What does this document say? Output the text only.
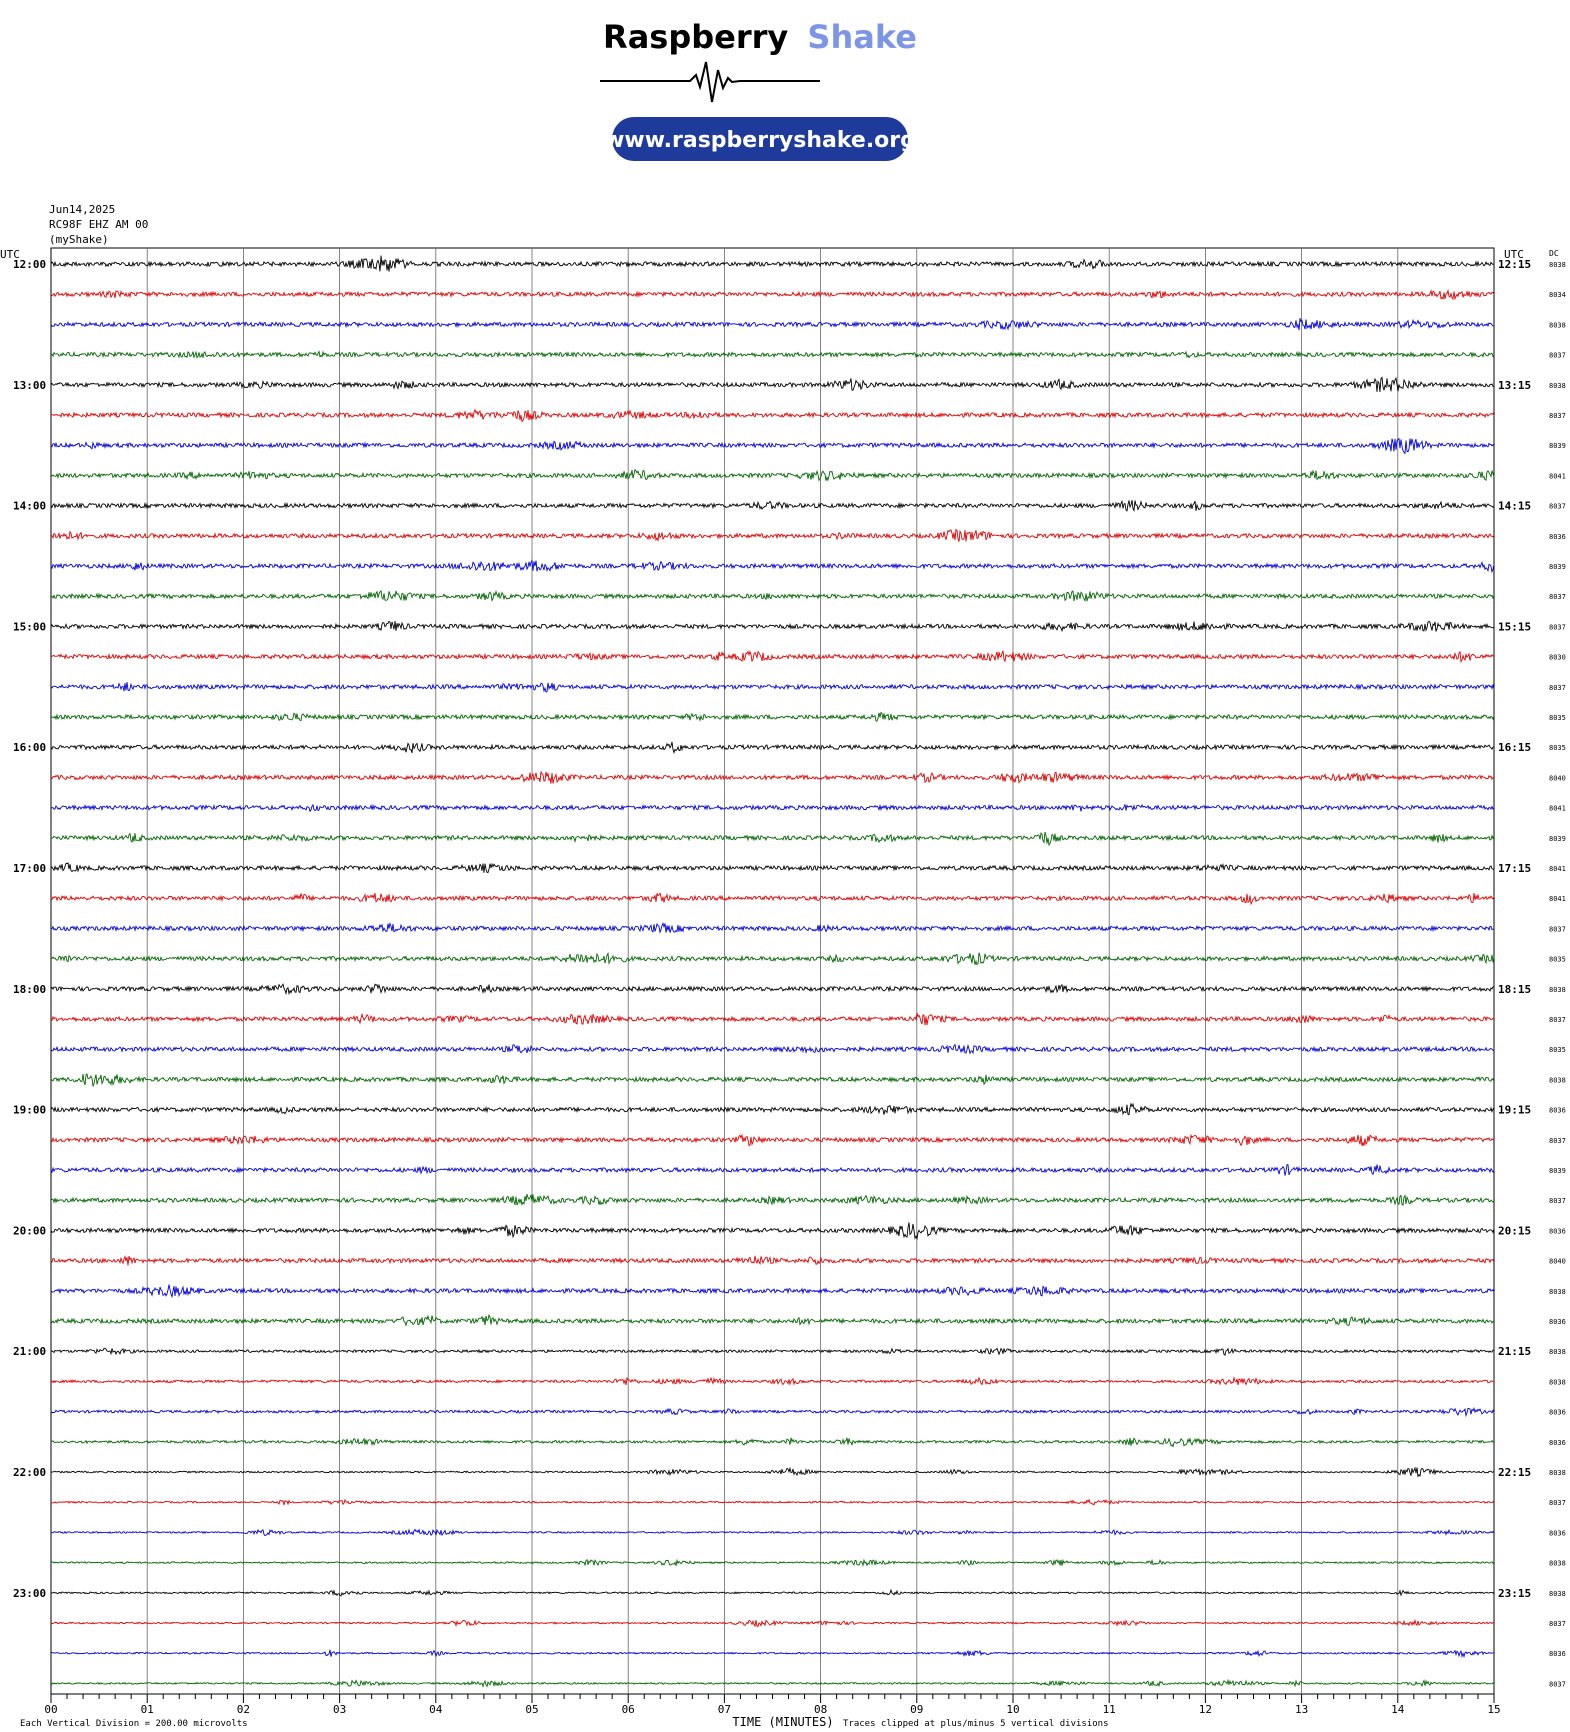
Raspberry Shake
www.raspberryshake.org
Jun14,2025
RC98F EHZ AM 00
(myShake)
UTC	UTC	DC
00	01	02	03	04	05	06	07	08	09	10	11	12	13	14	15
8038
8034
8038
8037
8038
8037
8039
8041
8037
8036
8039
8037
8037
8030
8037
8035
8035
8040
8041
8039
8041
8041
8037
8035
8038
8037
8035
8038
8036
8037
8039
8037
8036
8040
8038
8036
8038
8038
8036
8036
8038
8037
8036
8038
8038
8037
8036
8037
12:00
13:00
14:00
15:00
16:00
17:00
18:00
19:00
20:00
21:00
22:00
23:00
12:15
13:15
14:15
15:15
16:15
17:15
18:15
19:15
20:15
21:15
22:15
23:15
TIME (MINUTES)
Each Vertical Division = 200.00 microvolts	Traces clipped at plus/minus 5 vertical divisions
